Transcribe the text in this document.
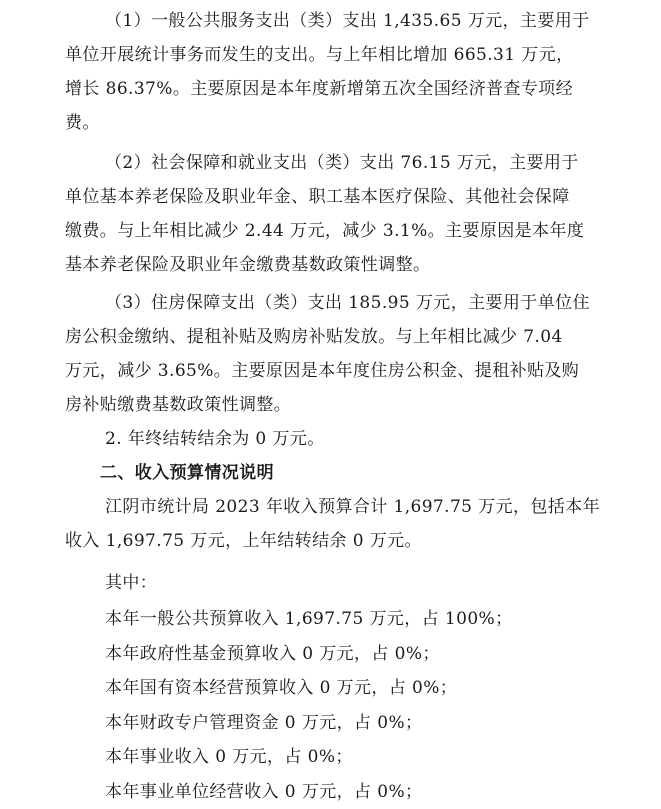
（1）一般公共服务支出（类）支出 1,435.65 万元，主要用于
单位开展统计事务而发生的支出。与上年相比增加 665.31 万元，
增长 86.37%。主要原因是本年度新增第五次全国经济普查专项经
费。
（2）社会保障和就业支出（类）支出 76.15 万元，主要用于
单位基本养老保险及职业年金、职工基本医疗保险、其他社会保障
缴费。与上年相比减少 2.44 万元，减少 3.1%。主要原因是本年度
基本养老保险及职业年金缴费基数政策性调整。
（3）住房保障支出（类）支出 185.95 万元，主要用于单位住
房公积金缴纳、提租补贴及购房补贴发放。与上年相比减少 7.04
万元，减少 3.65%。主要原因是本年度住房公积金、提租补贴及购
房补贴缴费基数政策性调整。
2. 年终结转结余为 0 万元。
二、收入预算情况说明
江阴市统计局 2023 年收入预算合计 1,697.75 万元，包括本年
收入 1,697.75 万元，上年结转结余 0 万元。
其中：
本年一般公共预算收入 1,697.75 万元，占 100%；
本年政府性基金预算收入 0 万元，占 0%；
本年国有资本经营预算收入 0 万元，占 0%；
本年财政专户管理资金 0 万元，占 0%；
本年事业收入 0 万元，占 0%；
本年事业单位经营收入 0 万元，占 0%；
